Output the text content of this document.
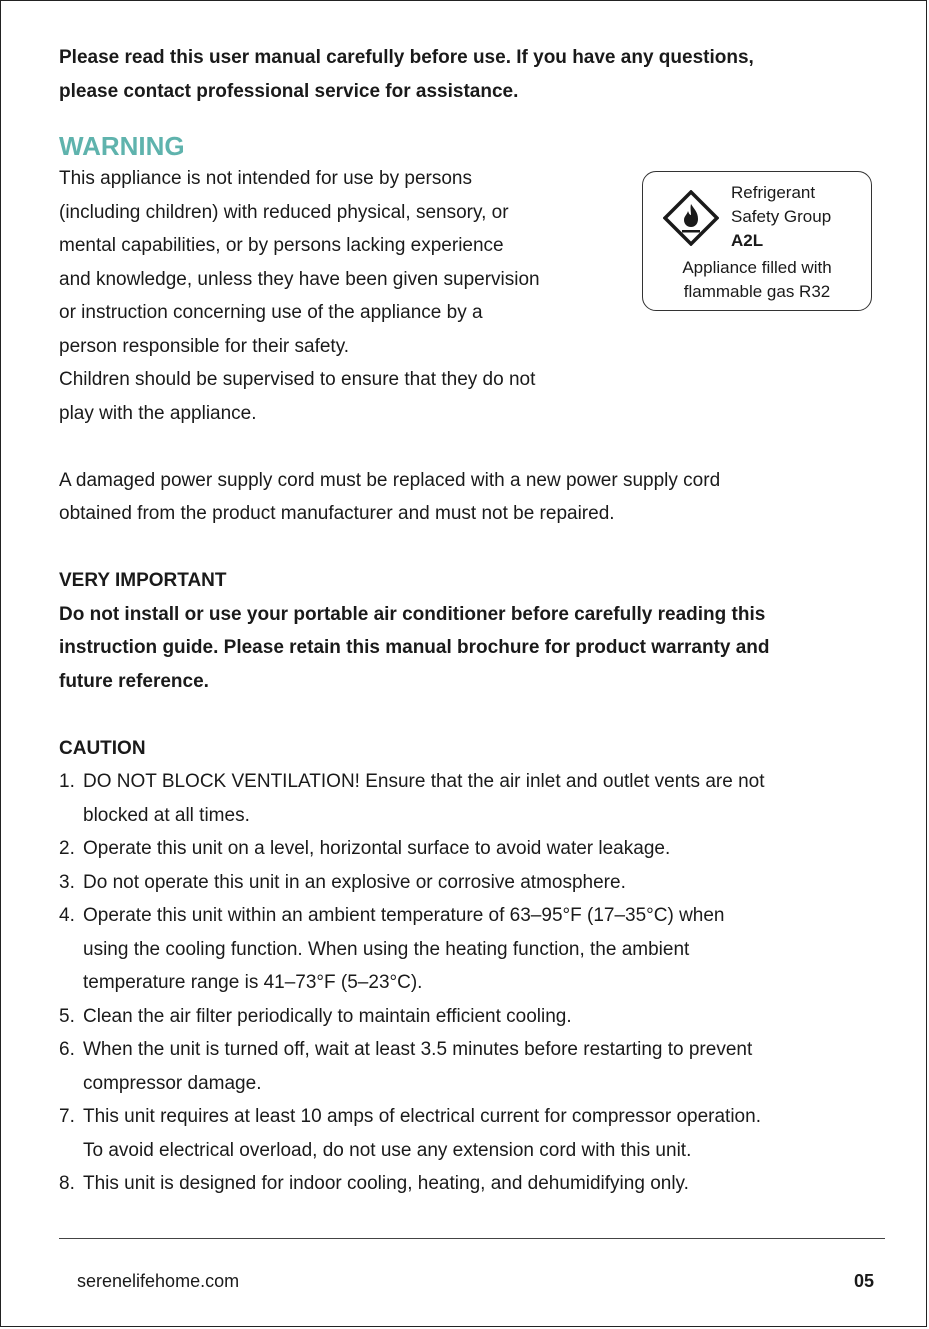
Please read this user manual carefully before use. If you have any questions,

please contact professional service for assistance.

WARNING
This appliance is not intended for use by persons
(including children) with reduced physical, sensory, or
mental capabilities, or by persons lacking experience
and knowledge, unless they have been given supervision
or instruction concerning use of the appliance by a
person responsible for their safety.
Children should be supervised to ensure that they do not
play with the appliance.

A damaged power supply cord must be replaced with a new power supply cord

obtained from the product manufacturer and must not be repaired.

VERY IMPORTANT

Do not install or use your portable air conditioner before carefully reading this

instruction guide. Please retain this manual brochure for product warranty and

future reference.

CAUTION

1. DO NOT BLOCK VENTILATION! Ensure that the air inlet and outlet vents are not
blocked at all times.
2. Operate this unit on a level, horizontal surface to avoid water leakage.
3. Do not operate this unit in an explosive or corrosive atmosphere.
4. Operate this unit within an ambient temperature of 63–95°F (17–35°C) when
using the cooling function. When using the heating function, the ambient
temperature range is 41–73°F (5–23°C).
5. Clean the air filter periodically to maintain efficient cooling.
6. When the unit is turned off, wait at least 3.5 minutes before restarting to prevent
compressor damage.
7. This unit requires at least 10 amps of electrical current for compressor operation.
To avoid electrical overload, do not use any extension cord with this unit.
8. This unit is designed for indoor cooling, heating, and dehumidifying only.
Refrigerant
Safety Group
A2L
Appliance filled with
flammable gas R32
serenelifehome.com	05
